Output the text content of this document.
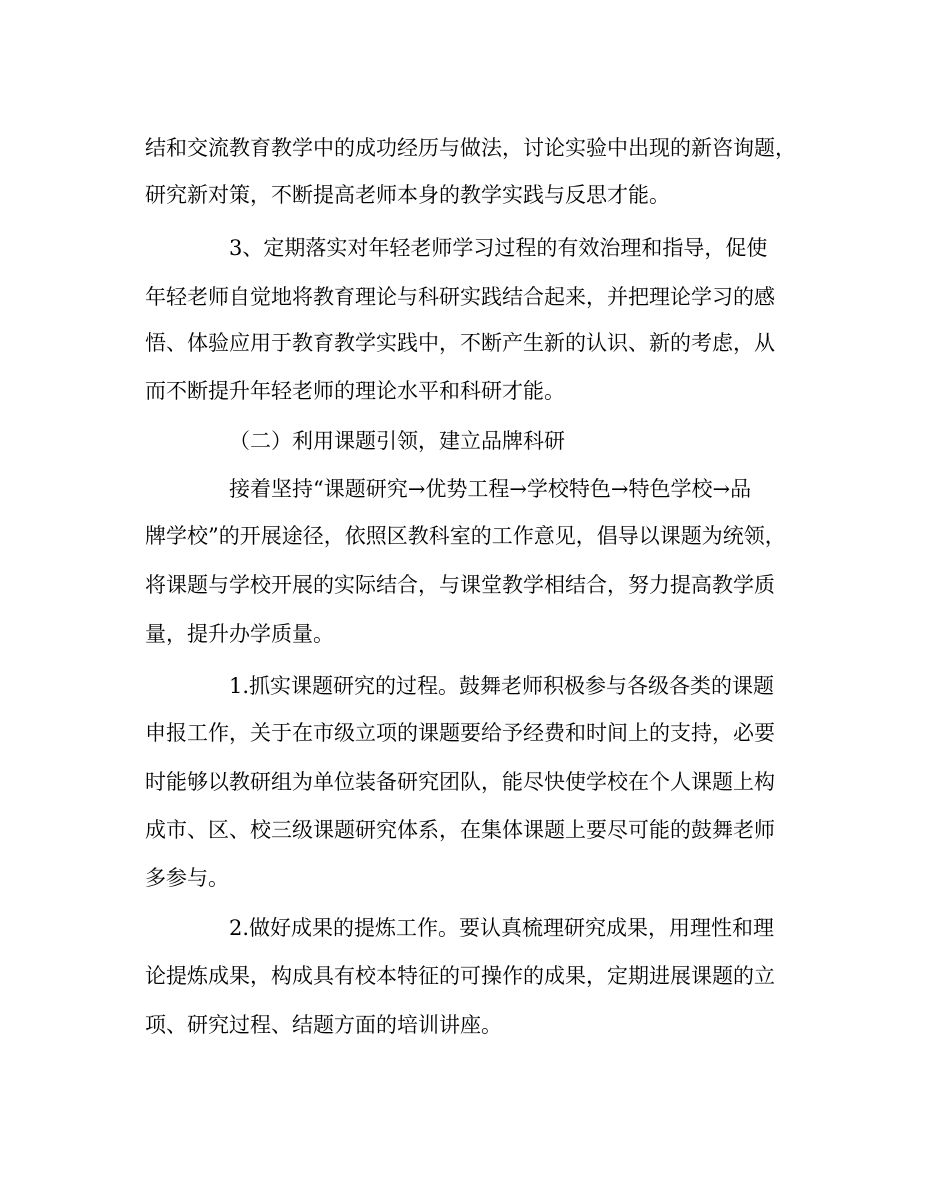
结和交流教育教学中的成功经历与做法，讨论实验中出现的新咨询题，
研究新对策，不断提高老师本身的教学实践与反思才能。
3、定期落实对年轻老师学习过程的有效治理和指导，促使
年轻老师自觉地将教育理论与科研实践结合起来，并把理论学习的感
悟、体验应用于教育教学实践中，不断产生新的认识、新的考虑，从
而不断提升年轻老师的理论水平和科研才能。
（二）利用课题引领，建立品牌科研
接着坚持“课题研究→优势工程→学校特色→特色学校→品
牌学校”的开展途径，依照区教科室的工作意见，倡导以课题为统领，
将课题与学校开展的实际结合，与课堂教学相结合，努力提高教学质
量，提升办学质量。
1.抓实课题研究的过程。鼓舞老师积极参与各级各类的课题
申报工作，关于在市级立项的课题要给予经费和时间上的支持，必要
时能够以教研组为单位装备研究团队，能尽快使学校在个人课题上构
成市、区、校三级课题研究体系，在集体课题上要尽可能的鼓舞老师
多参与。
2.做好成果的提炼工作。要认真梳理研究成果，用理性和理
论提炼成果，构成具有校本特征的可操作的成果，定期进展课题的立
项、研究过程、结题方面的培训讲座。
